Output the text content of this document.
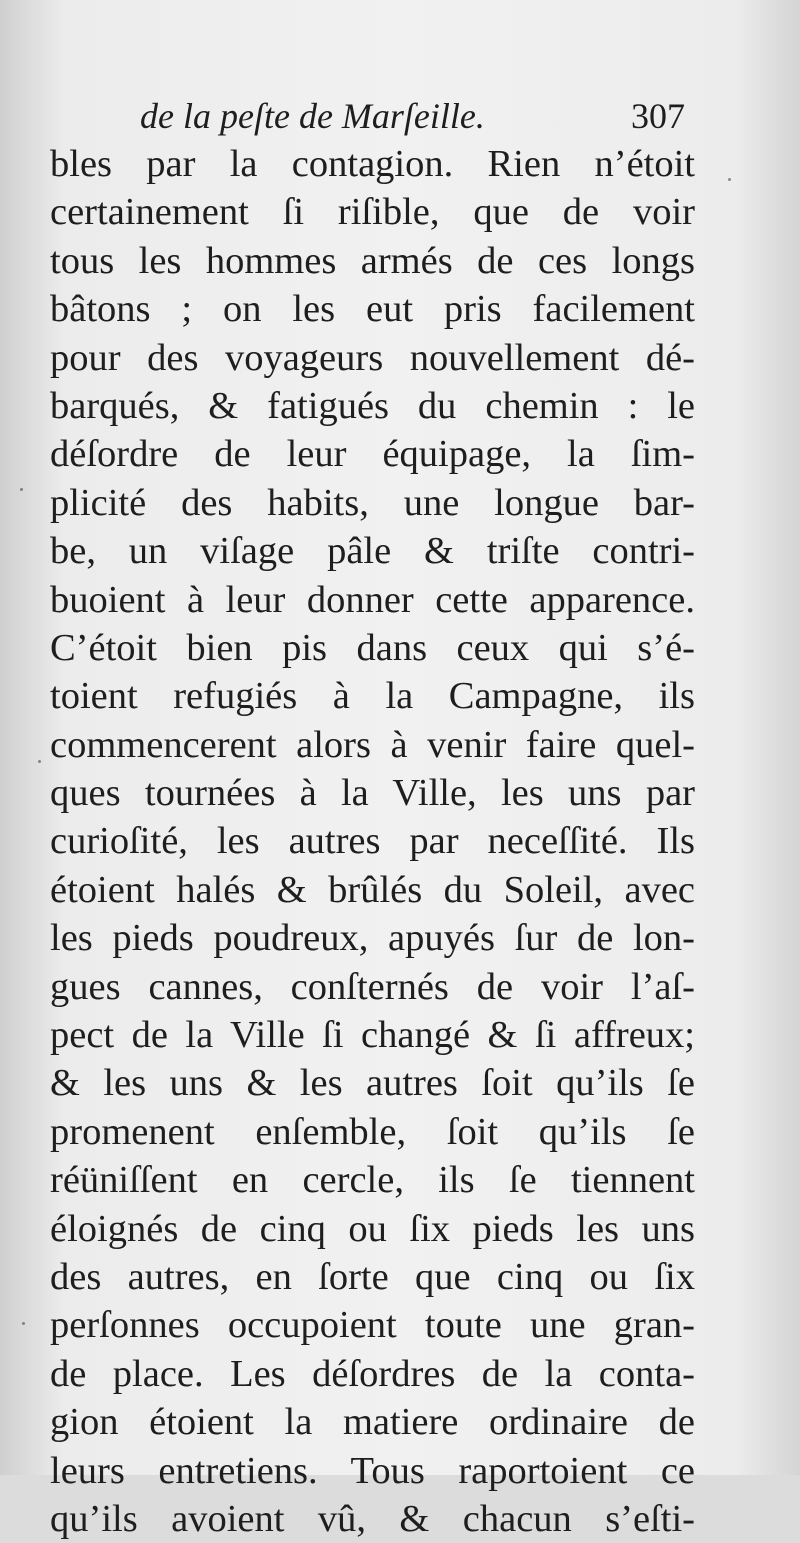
de la peſte de Marſeille.	307
bles par la contagion. Rien n’étoit
certainement ſi riſible, que de voir
tous les hommes armés de ces longs
bâtons ; on les eut pris facilement
pour des voyageurs nouvellement dé-
barqués, & fatigués du chemin : le
déſordre de leur équipage, la ſim-
plicité des habits, une longue bar-
be, un viſage pâle & triſte contri-
buoient à leur donner cette apparence.
C’étoit bien pis dans ceux qui s’é-
toient refugiés à la Campagne, ils
commencerent alors à venir faire quel-
ques tournées à la Ville, les uns par
curioſité, les autres par neceſſité. Ils
étoient halés & brûlés du Soleil, avec
les pieds poudreux, apuyés ſur de lon-
gues cannes, conſternés de voir l’aſ-
pect de la Ville ſi changé & ſi affreux;
& les uns & les autres ſoit qu’ils ſe
promenent enſemble, ſoit qu’ils ſe
réüniſſent en cercle, ils ſe tiennent
éloignés de cinq ou ſix pieds les uns
des autres, en ſorte que cinq ou ſix
perſonnes occupoient toute une gran-
de place. Les déſordres de la conta-
gion étoient la matiere ordinaire de
leurs entretiens. Tous raportoient ce
qu’ils avoient vû, & chacun s’eſti-
